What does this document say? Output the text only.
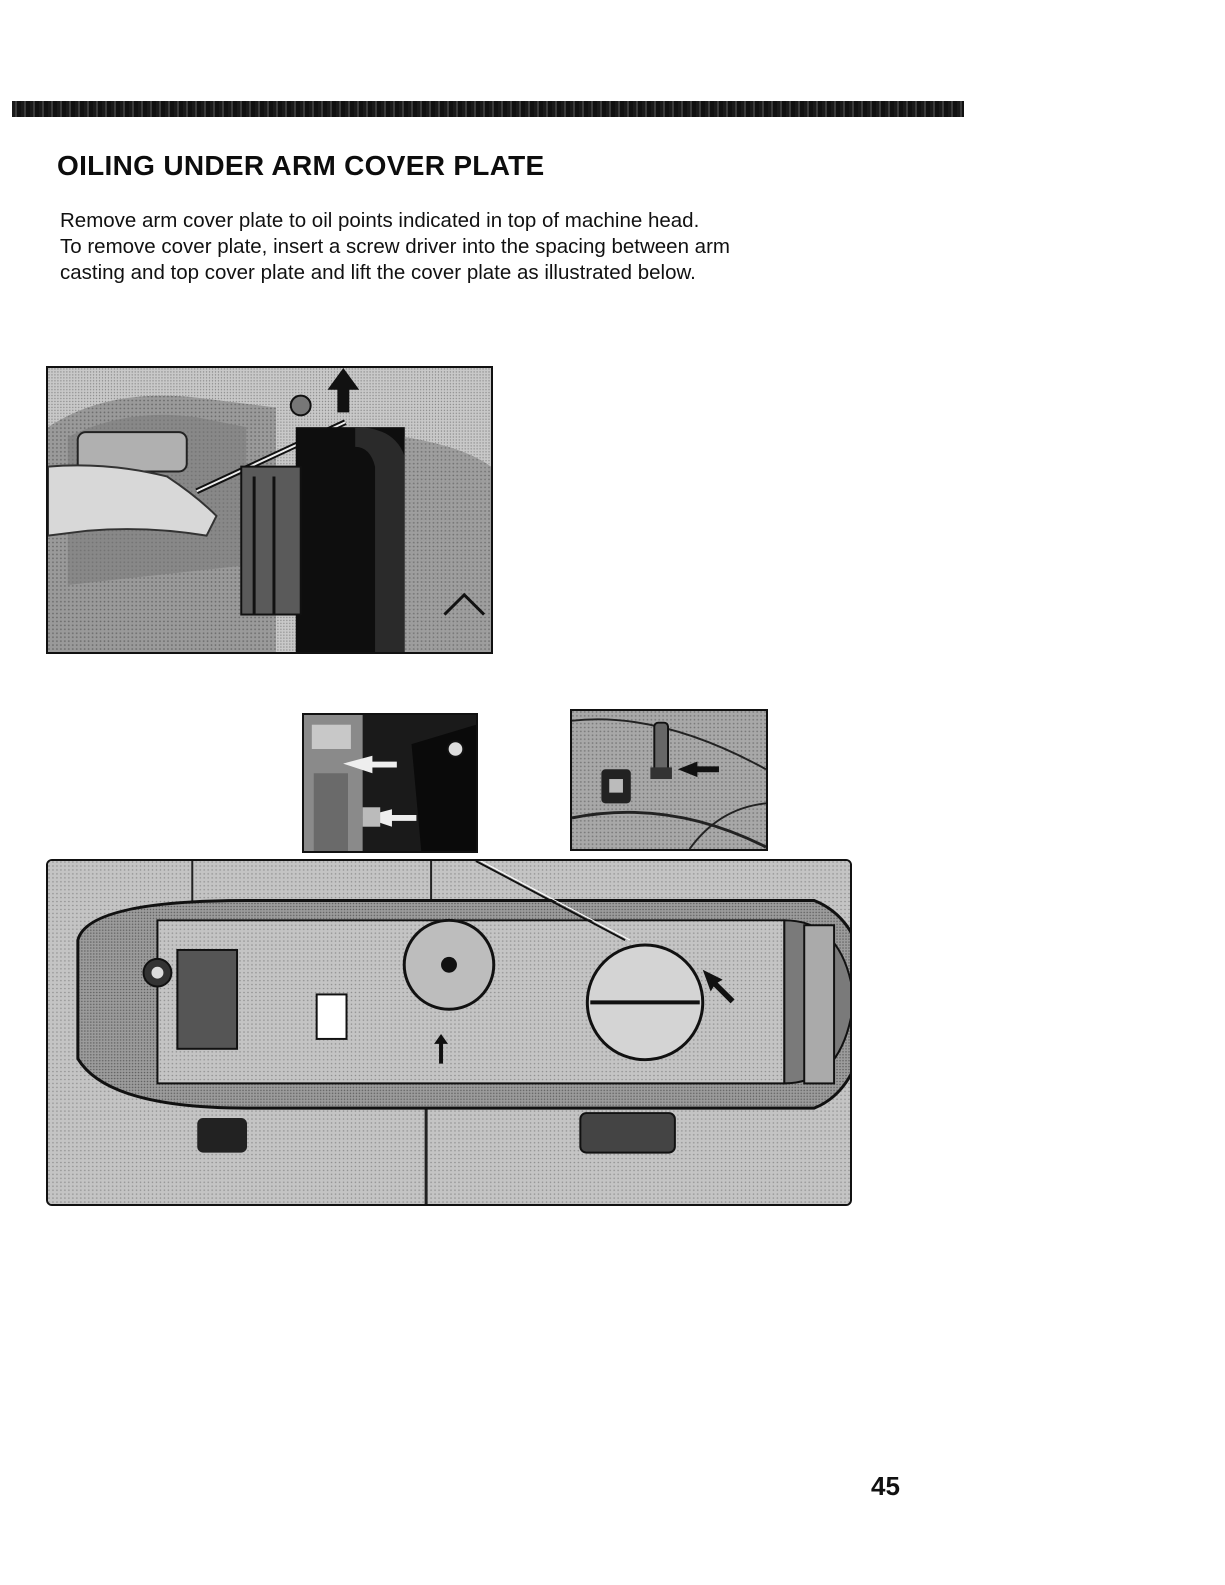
OILING UNDER ARM COVER PLATE

Remove arm cover plate to oil points indicated in top of machine head.
To remove cover plate, insert a screw driver into the spacing between arm
casting and top cover plate and lift the cover plate as illustrated below.

45
